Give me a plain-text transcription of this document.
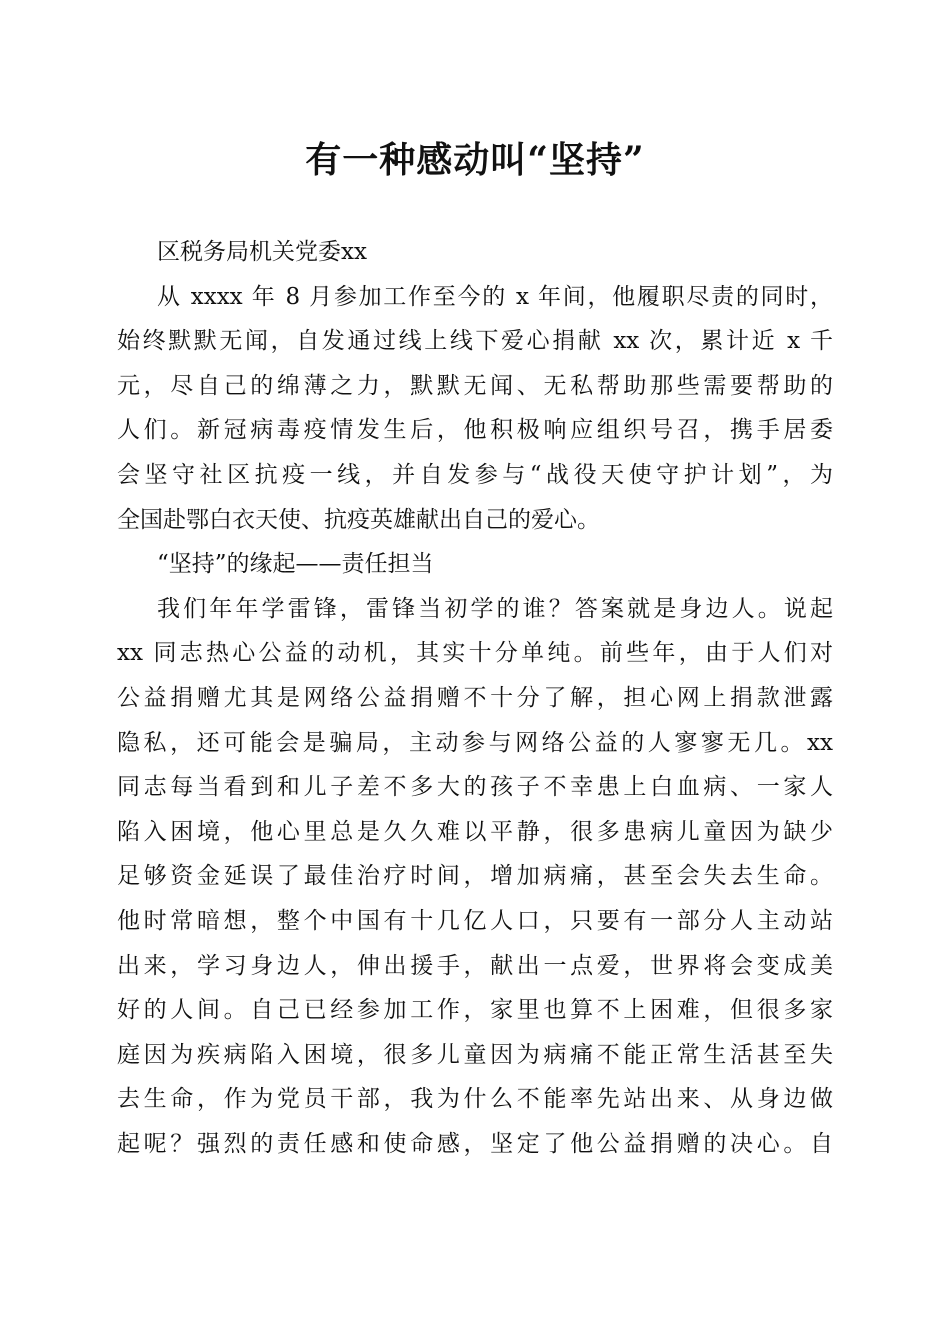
有一种感动叫“坚持”
区税务局机关党委xx
从 xxxx 年 8 月参加工作至今的 x 年间，他履职尽责的同时，
始终默默无闻，自发通过线上线下爱心捐献 xx 次，累计近 x 千
元，尽自己的绵薄之力，默默无闻、无私帮助那些需要帮助的
人们。新冠病毒疫情发生后，他积极响应组织号召，携手居委
会坚守社区抗疫一线，并自发参与“战役天使守护计划”，为
全国赴鄂白衣天使、抗疫英雄献出自己的爱心。
“坚持”的缘起——责任担当
我们年年学雷锋，雷锋当初学的谁？答案就是身边人。说起
xx 同志热心公益的动机，其实十分单纯。前些年，由于人们对
公益捐赠尤其是网络公益捐赠不十分了解，担心网上捐款泄露
隐私，还可能会是骗局，主动参与网络公益的人寥寥无几。xx
同志每当看到和儿子差不多大的孩子不幸患上白血病、一家人
陷入困境，他心里总是久久难以平静，很多患病儿童因为缺少
足够资金延误了最佳治疗时间，增加病痛，甚至会失去生命。
他时常暗想，整个中国有十几亿人口，只要有一部分人主动站
出来，学习身边人，伸出援手，献出一点爱，世界将会变成美
好的人间。自己已经参加工作，家里也算不上困难，但很多家
庭因为疾病陷入困境，很多儿童因为病痛不能正常生活甚至失
去生命，作为党员干部，我为什么不能率先站出来、从身边做
起呢？强烈的责任感和使命感，坚定了他公益捐赠的决心。自
